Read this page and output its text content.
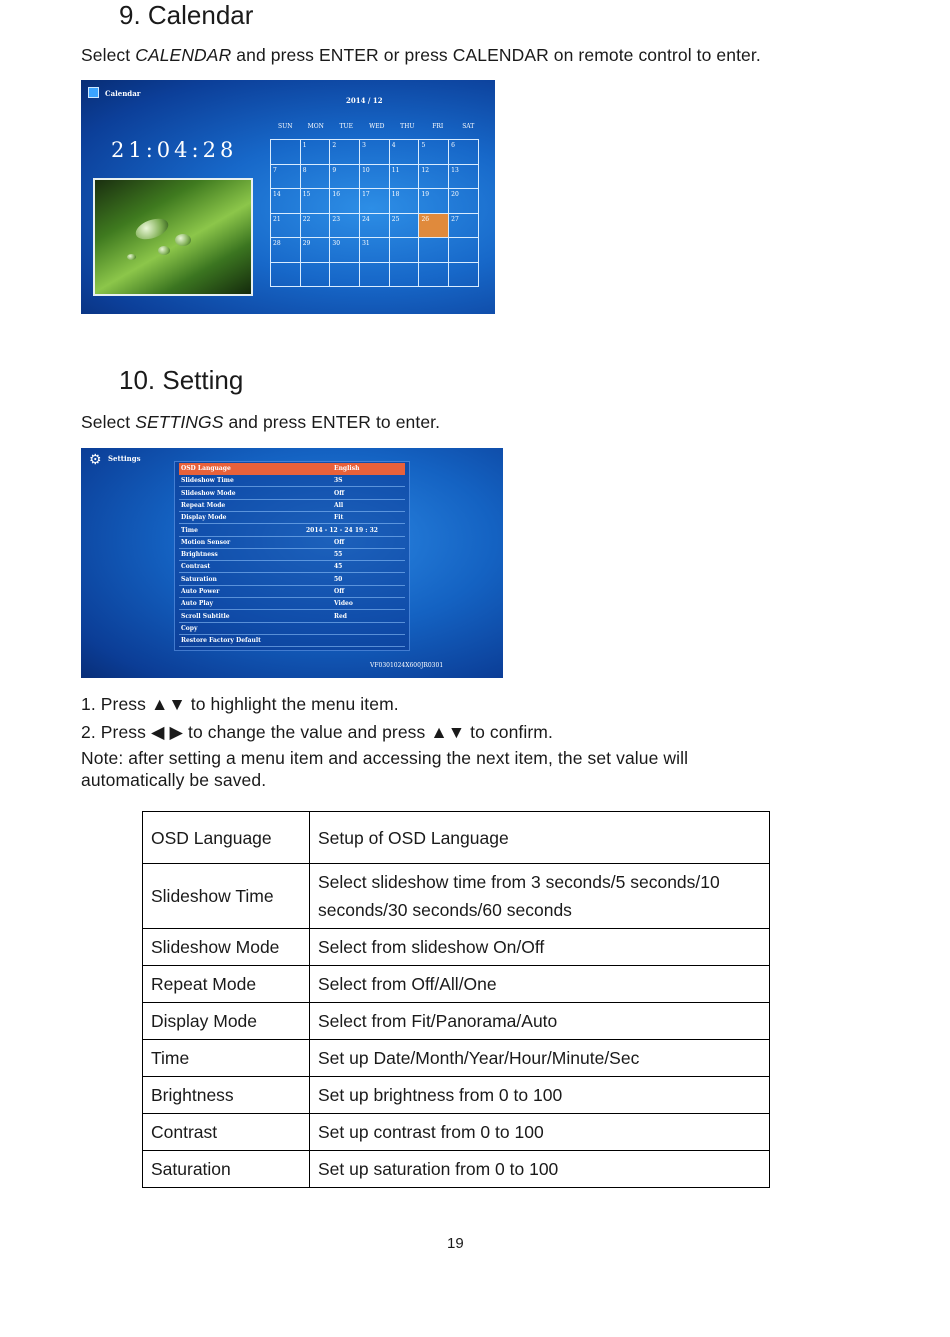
9. Calendar
Select CALENDAR and press ENTER or press CALENDAR on remote control to enter.
Calendar
2014 / 12
21:04:28
SUN	MON	TUE	WED	THU	FRI	SAT
	1	2	3	4	5	6
7	8	9	10	11	12	13
14	15	16	17	18	19	20
21	22	23	24	25	26	27
28	29	30	31			

10. Setting
Select SETTINGS and press ENTER to enter.
⚙ Settings
OSD Language	English
Slideshow Time	3S
Slideshow Mode	Off
Repeat Mode	All
Display Mode	Fit
Time	2014 - 12 - 24 19 : 32
Motion Sensor	Off
Brightness	55
Contrast	45
Saturation	50
Auto Power	Off
Auto Play	Video
Scroll Subtitle	Red
Copy
Restore Factory Default
VF0301024X600JR0301
1. Press ▲▼ to highlight the menu item.
2. Press ◀ ▶ to change the value and press ▲▼ to confirm.
Note: after setting a menu item and accessing the next item, the set value will automatically be saved.
OSD Language	Setup of OSD Language
Slideshow Time	Select slideshow time from 3 seconds/5 seconds/10 seconds/30 seconds/60 seconds
Slideshow Mode	Select from slideshow On/Off
Repeat Mode	Select from Off/All/One
Display Mode	Select from Fit/Panorama/Auto
Time	Set up Date/Month/Year/Hour/Minute/Sec
Brightness	Set up brightness from 0 to 100
Contrast	Set up contrast from 0 to 100
Saturation	Set up saturation from 0 to 100
19
